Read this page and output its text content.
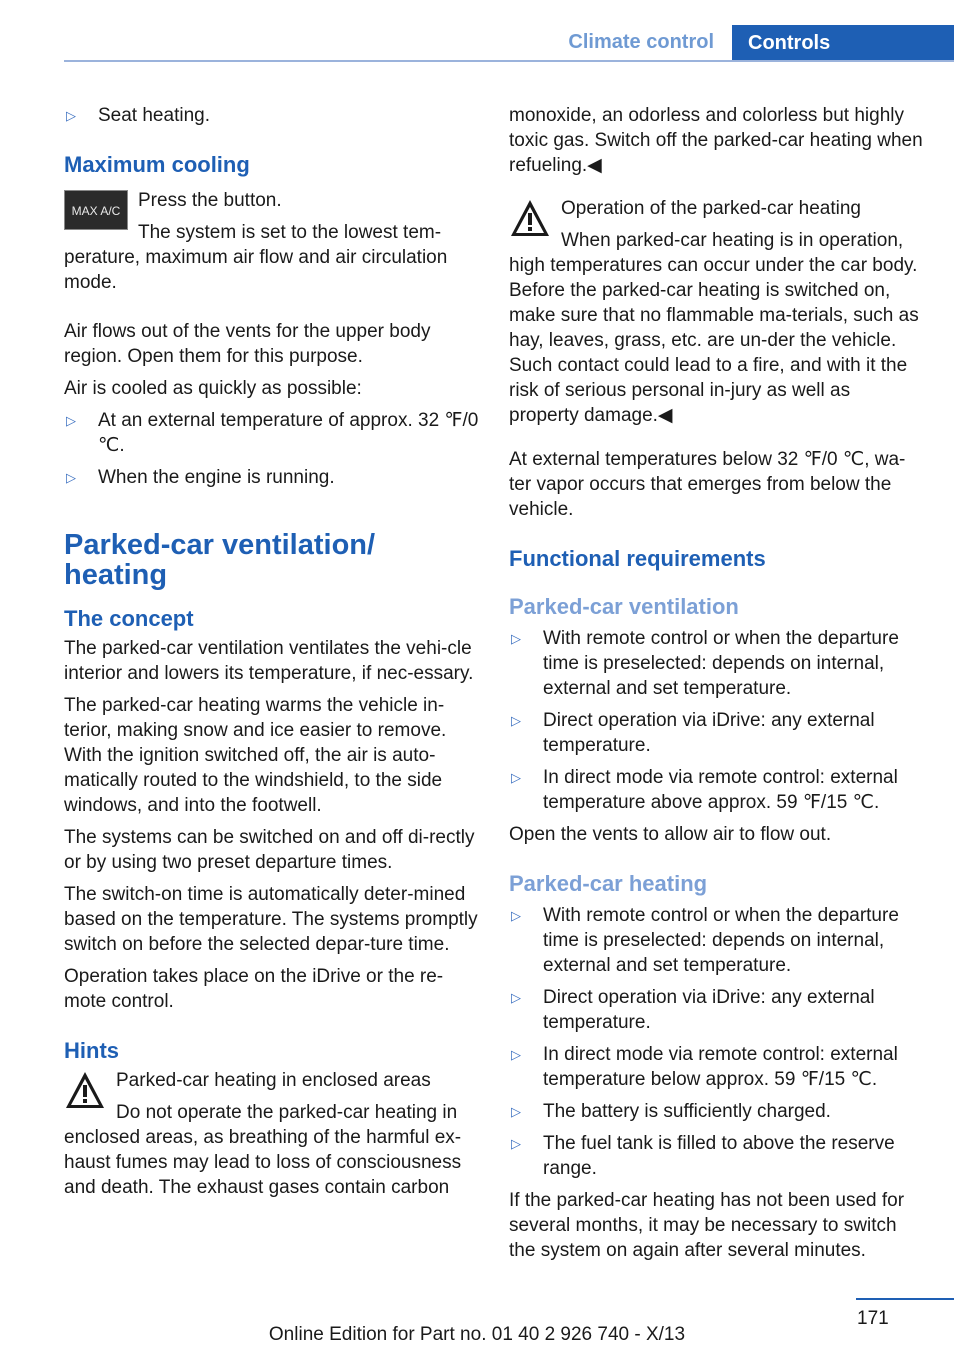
Climate control	Controls
▷ Seat heating.
Maximum cooling
MAX A/C Press the button.

The system is set to the lowest tem-perature, maximum air flow and air circulation mode.

Air flows out of the vents for the upper body region. Open them for this purpose.

Air is cooled as quickly as possible:

▷ At an external temperature of approx. 32 ℉/0 ℃.
▷ When the engine is running.
Parked-car ventilation/ heating
The concept

The parked-car ventilation ventilates the vehi-cle interior and lowers its temperature, if nec-essary.

The parked-car heating warms the vehicle in-terior, making snow and ice easier to remove. With the ignition switched off, the air is auto-matically routed to the windshield, to the side windows, and into the footwell.

The systems can be switched on and off di-rectly or by using two preset departure times.

The switch-on time is automatically deter-mined based on the temperature. The systems promptly switch on before the selected depar-ture time.

Operation takes place on the iDrive or the re-mote control.

Hints

Parked-car heating in enclosed areas

Do not operate the parked-car heating in enclosed areas, as breathing of the harmful ex-haust fumes may lead to loss of consciousness and death. The exhaust gases contain carbon

monoxide, an odorless and colorless but highly toxic gas. Switch off the parked-car heating when refueling.◀

Operation of the parked-car heating

When parked-car heating is in operation, high temperatures can occur under the car body. Before the parked-car heating is switched on, make sure that no flammable ma-terials, such as hay, leaves, grass, etc. are un-der the vehicle. Such contact could lead to a fire, and with it the risk of serious personal in-jury as well as property damage.◀

At external temperatures below 32 ℉/0 ℃, wa-ter vapor occurs that emerges from below the vehicle.

Functional requirements
Parked-car ventilation
▷ With remote control or when the departure time is preselected: depends on internal, external and set temperature.
▷ Direct operation via iDrive: any external temperature.
▷ In direct mode via remote control: external temperature above approx. 59 ℉/15 ℃.

Open the vents to allow air to flow out.

Parked-car heating
▷ With remote control or when the departure time is preselected: depends on internal, external and set temperature.
▷ Direct operation via iDrive: any external temperature.
▷ In direct mode via remote control: external temperature below approx. 59 ℉/15 ℃.
▷ The battery is sufficiently charged.
▷ The fuel tank is filled to above the reserve range.

If the parked-car heating has not been used for several months, it may be necessary to switch the system on again after several minutes.

171
Online Edition for Part no. 01 40 2 926 740 - X/13
